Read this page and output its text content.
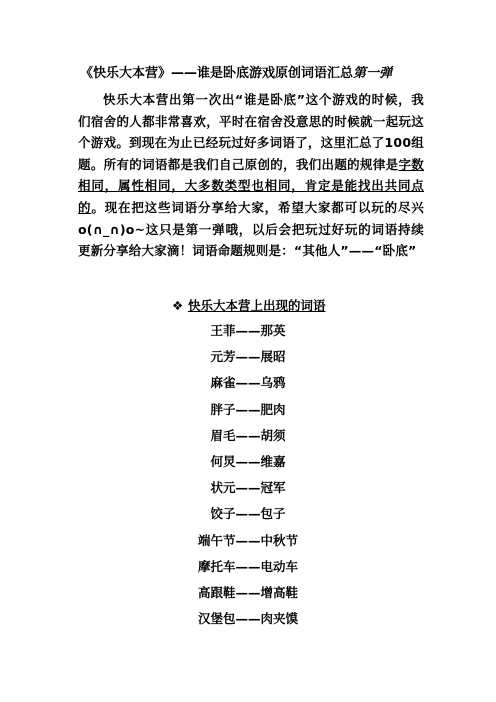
《快乐大本营》——谁是卧底游戏原创词语汇总第一弹
快乐大本营出第一次出“谁是卧底”这个游戏的时候，我们宿舍的人都非常喜欢，平时在宿舍没意思的时候就一起玩这个游戏。到现在为止已经玩过好多词语了，这里汇总了100组题。所有的词语都是我们自己原创的，我们出题的规律是字数相同，属性相同，大多数类型也相同，肯定是能找出共同点的。现在把这些词语分享给大家，希望大家都可以玩的尽兴 o(∩_∩)o~这只是第一弹哦，以后会把玩过好玩的词语持续更新分享给大家滴！词语命题规则是：“其他人”——“卧底”
❖ 快乐大本营上出现的词语
王菲——那英
元芳——展昭
麻雀——乌鸦
胖子——肥肉
眉毛——胡须
何炅——维嘉
状元——冠军
饺子——包子
端午节——中秋节
摩托车——电动车
高跟鞋——增高鞋
汉堡包——肉夹馍
